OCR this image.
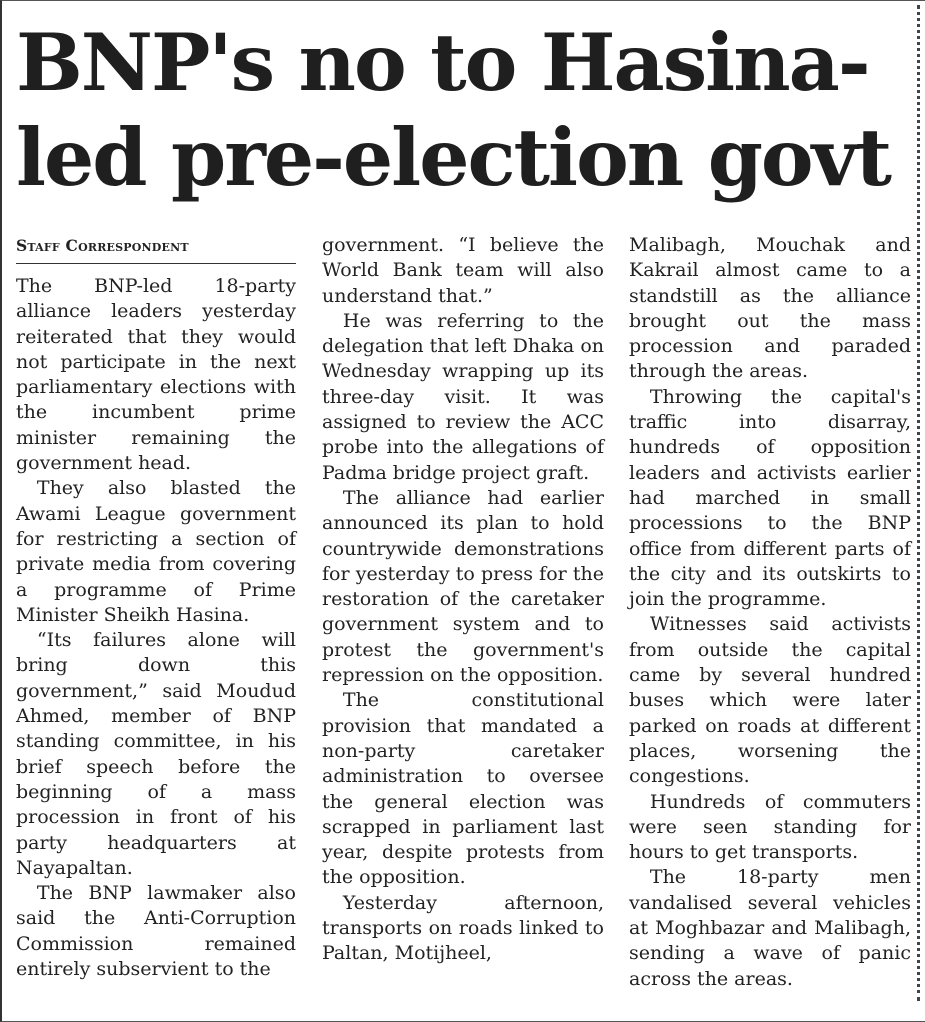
BNP's no to Hasina-led pre-election govt
Staff Correspondent

The BNP-led 18-party alliance leaders yesterday reiterated that they would not participate in the next parliamentary elections with the incumbent prime minister remaining the government head.

They also blasted the Awami League government for restricting a section of private media from covering a programme of Prime Minister Sheikh Hasina.

“Its failures alone will bring down this government,” said Moudud Ahmed, member of BNP standing committee, in his brief speech before the beginning of a mass procession in front of his party headquarters at Nayapaltan.

The BNP lawmaker also said the Anti-Corruption Commission remained entirely subservient to the

government. “I believe the World Bank team will also understand that.”

He was referring to the delegation that left Dhaka on Wednesday wrapping up its three-day visit. It was assigned to review the ACC probe into the allegations of Padma bridge project graft.

The alliance had earlier announced its plan to hold countrywide demonstrations for yesterday to press for the restoration of the caretaker government system and to protest the government's repression on the opposition.

The constitutional provision that mandated a non-party caretaker administration to oversee the general election was scrapped in parliament last year, despite protests from the opposition.

Yesterday afternoon, transports on roads linked to Paltan, Motijheel,

Malibagh, Mouchak and Kakrail almost came to a standstill as the alliance brought out the mass procession and paraded through the areas.

Throwing the capital's traffic into disarray, hundreds of opposition leaders and activists earlier had marched in small processions to the BNP office from different parts of the city and its outskirts to join the programme.

Witnesses said activists from outside the capital came by several hundred buses which were later parked on roads at different places, worsening the congestions.

Hundreds of commuters were seen standing for hours to get transports.

The 18-party men vandalised several vehicles at Moghbazar and Malibagh, sending a wave of panic across the areas.
